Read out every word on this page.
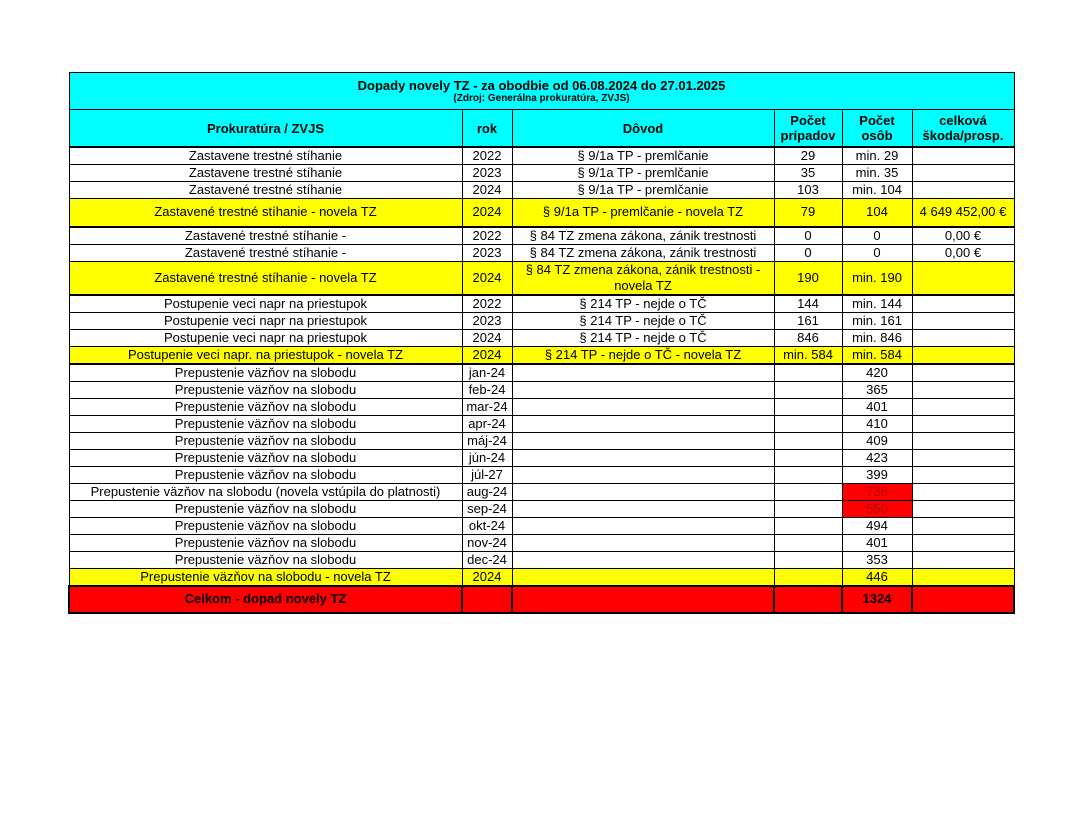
Dopady novely TZ - za obodbie od 06.08.2024 do 27.01.2025
(Zdroj: Generálna prokuratúra, ZVJS)					

Prokuratúra / ZVJS	rok	Dôvod	Počet prípadov	Počet osôb	celková škoda/prosp.
Zastavene trestné stíhanie	2022	§ 9/1a TP - premlčanie	29	min. 29	
Zastavene trestné stíhanie	2023	§ 9/1a TP - premlčanie	35	min. 35	
Zastavené trestné stíhanie	2024	§ 9/1a TP - premlčanie	103	min. 104	
Zastavené trestné stíhanie - novela TZ	2024	§ 9/1a TP - premlčanie - novela TZ	79	104	4 649 452,00 €
Zastavené trestné stíhanie -	2022	§ 84 TZ zmena zákona, zánik trestnosti	0	0	0,00 €
Zastavené trestné stíhanie -	2023	§ 84 TZ zmena zákona, zánik trestnosti	0	0	0,00 €
Zastavené trestné stíhanie - novela TZ	2024	§ 84 TZ zmena zákona, zánik trestnosti - novela TZ	190	min. 190	
Postupenie veci napr na priestupok	2022	§ 214 TP - nejde o TČ	144	min. 144	
Postupenie veci napr na priestupok	2023	§ 214 TP - nejde o TČ	161	min. 161	
Postupenie veci napr na priestupok	2024	§ 214 TP - nejde o TČ	846	min. 846	
Postupenie veci napr. na priestupok - novela TZ	2024	§ 214 TP - nejde o TČ - novela TZ	min. 584	min. 584	
Prepustenie väzňov na slobodu	jan-24			420	
Prepustenie väzňov na slobodu	feb-24			365	
Prepustenie väzňov na slobodu	mar-24			401	
Prepustenie väzňov na slobodu	apr-24			410	
Prepustenie väzňov na slobodu	máj-24			409	
Prepustenie väzňov na slobodu	jún-24			423	
Prepustenie väzňov na slobodu	júl-27			399	
Prepustenie väzňov na slobodu (novela vstúpila do platnosti)	aug-24			738	
Prepustenie väzňov na slobodu	sep-24			550	
Prepustenie väzňov na slobodu	okt-24			494	
Prepustenie väzňov na slobodu	nov-24			401	
Prepustenie väzňov na slobodu	dec-24			353	
Prepustenie väzňov na slobodu - novela TZ	2024			446	
Celkom - dopad novely TZ				1324	
